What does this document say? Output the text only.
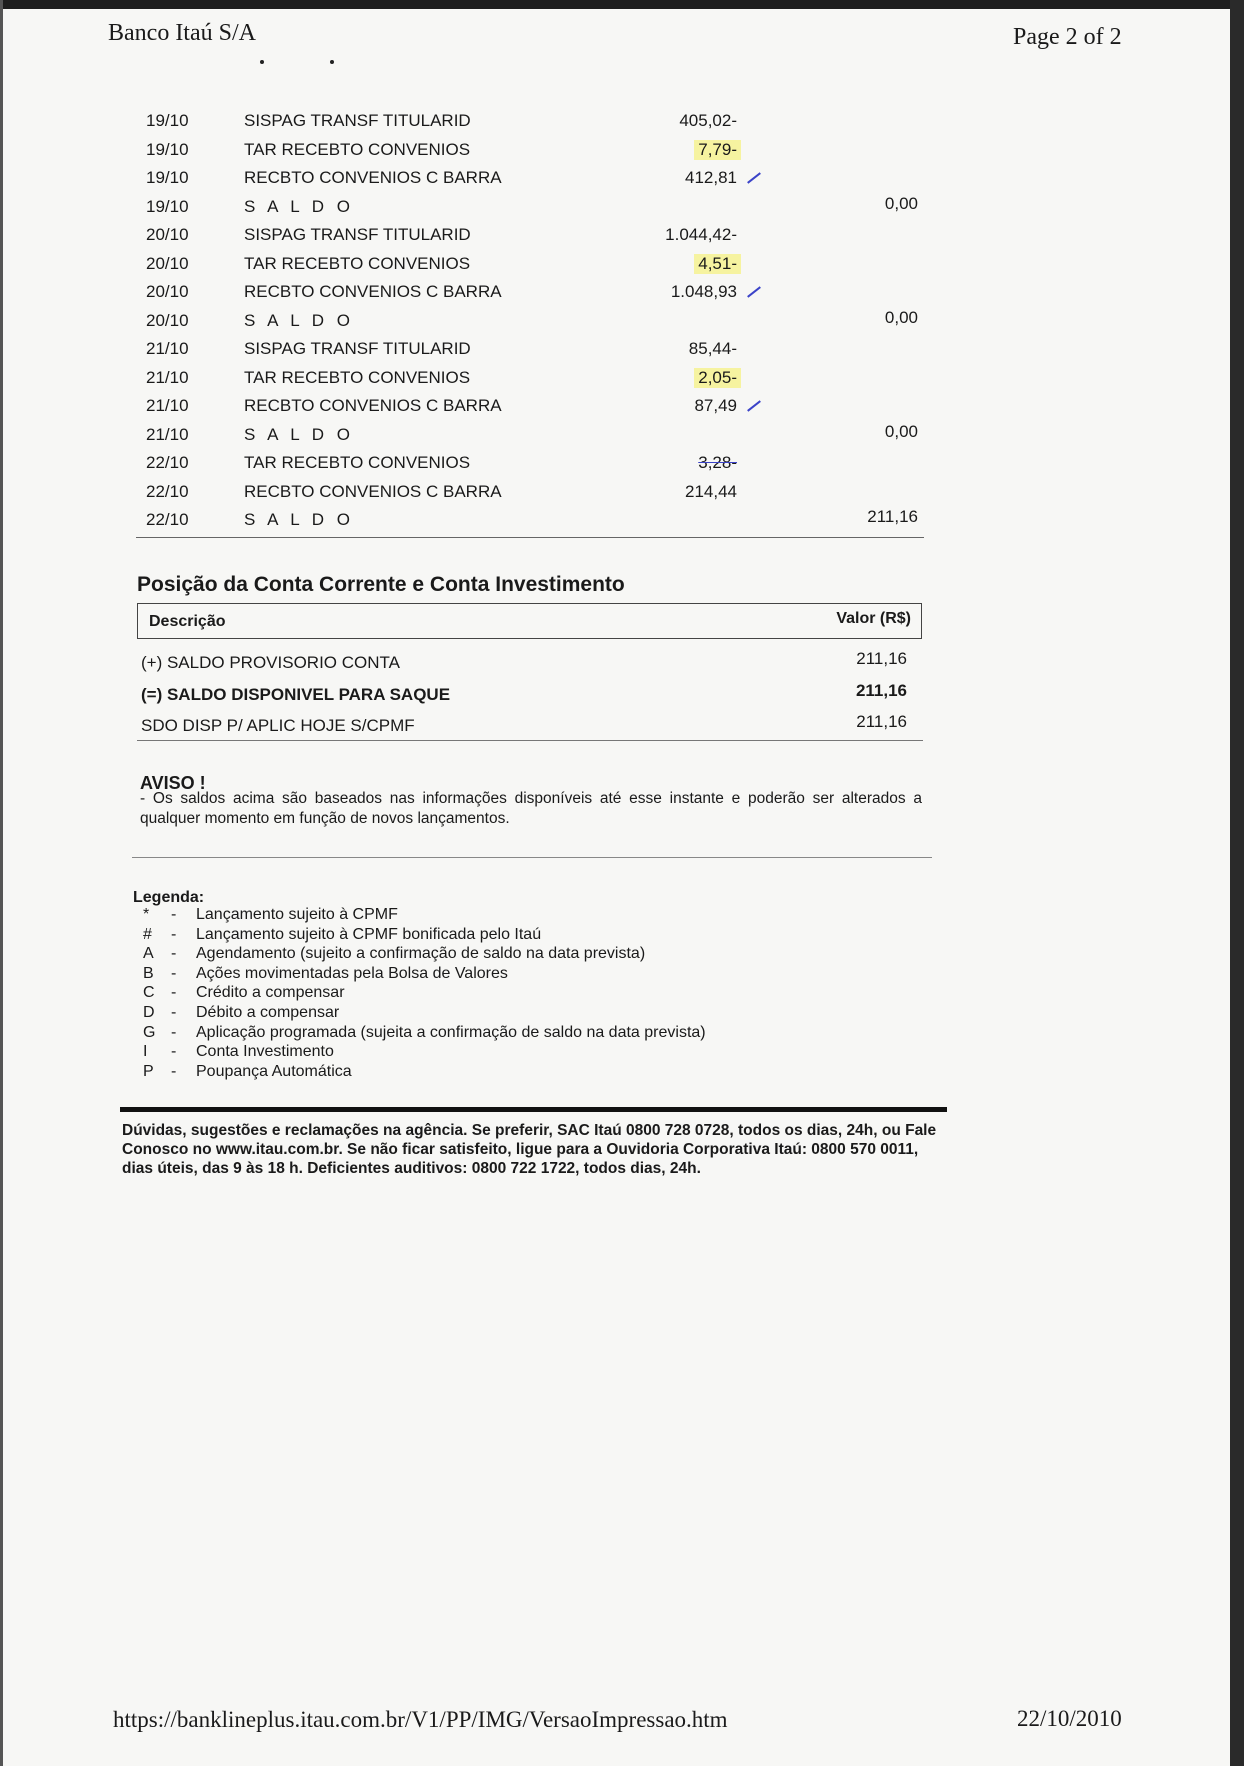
Banco Itaú S/A	Page 2 of 2
19/10	SISPAG TRANSF TITULARID	405,02-
19/10	TAR RECEBTO CONVENIOS	7,79-
19/10	RECBTO CONVENIOS C BARRA	412,81
19/10	S A L D O	0,00
20/10	SISPAG TRANSF TITULARID	1.044,42-
20/10	TAR RECEBTO CONVENIOS	4,51-
20/10	RECBTO CONVENIOS C BARRA	1.048,93
20/10	S A L D O	0,00
21/10	SISPAG TRANSF TITULARID	85,44-
21/10	TAR RECEBTO CONVENIOS	2,05-
21/10	RECBTO CONVENIOS C BARRA	87,49
21/10	S A L D O	0,00
22/10	TAR RECEBTO CONVENIOS	3,28-
22/10	RECBTO CONVENIOS C BARRA	214,44
22/10	S A L D O	211,16
Posição da Conta Corrente e Conta Investimento
Descrição	Valor (R$)
(+) SALDO PROVISORIO CONTA	211,16
(=) SALDO DISPONIVEL PARA SAQUE	211,16
SDO DISP P/ APLIC HOJE S/CPMF	211,16
AVISO !
- Os saldos acima são baseados nas informações disponíveis até esse instante e poderão ser alterados a qualquer momento em função de novos lançamentos.
Legenda:
*	- Lançamento sujeito à CPMF
#	- Lançamento sujeito à CPMF bonificada pelo Itaú
A	- Agendamento (sujeito a confirmação de saldo na data prevista)
B	- Ações movimentadas pela Bolsa de Valores
C - Crédito a compensar
D - Débito a compensar
G - Aplicação programada (sujeita a confirmação de saldo na data prevista)
I	- Conta Investimento
P	- Poupança Automática
Dúvidas, sugestões e reclamações na agência. Se preferir, SAC Itaú 0800 728 0728, todos os dias, 24h, ou Fale Conosco no www.itau.com.br. Se não ficar satisfeito, ligue para a Ouvidoria Corporativa Itaú: 0800 570 0011, dias úteis, das 9 às 18 h. Deficientes auditivos: 0800 722 1722, todos dias, 24h.
https://banklineplus.itau.com.br/V1/PP/IMG/VersaoImpressao.htm	22/10/2010
